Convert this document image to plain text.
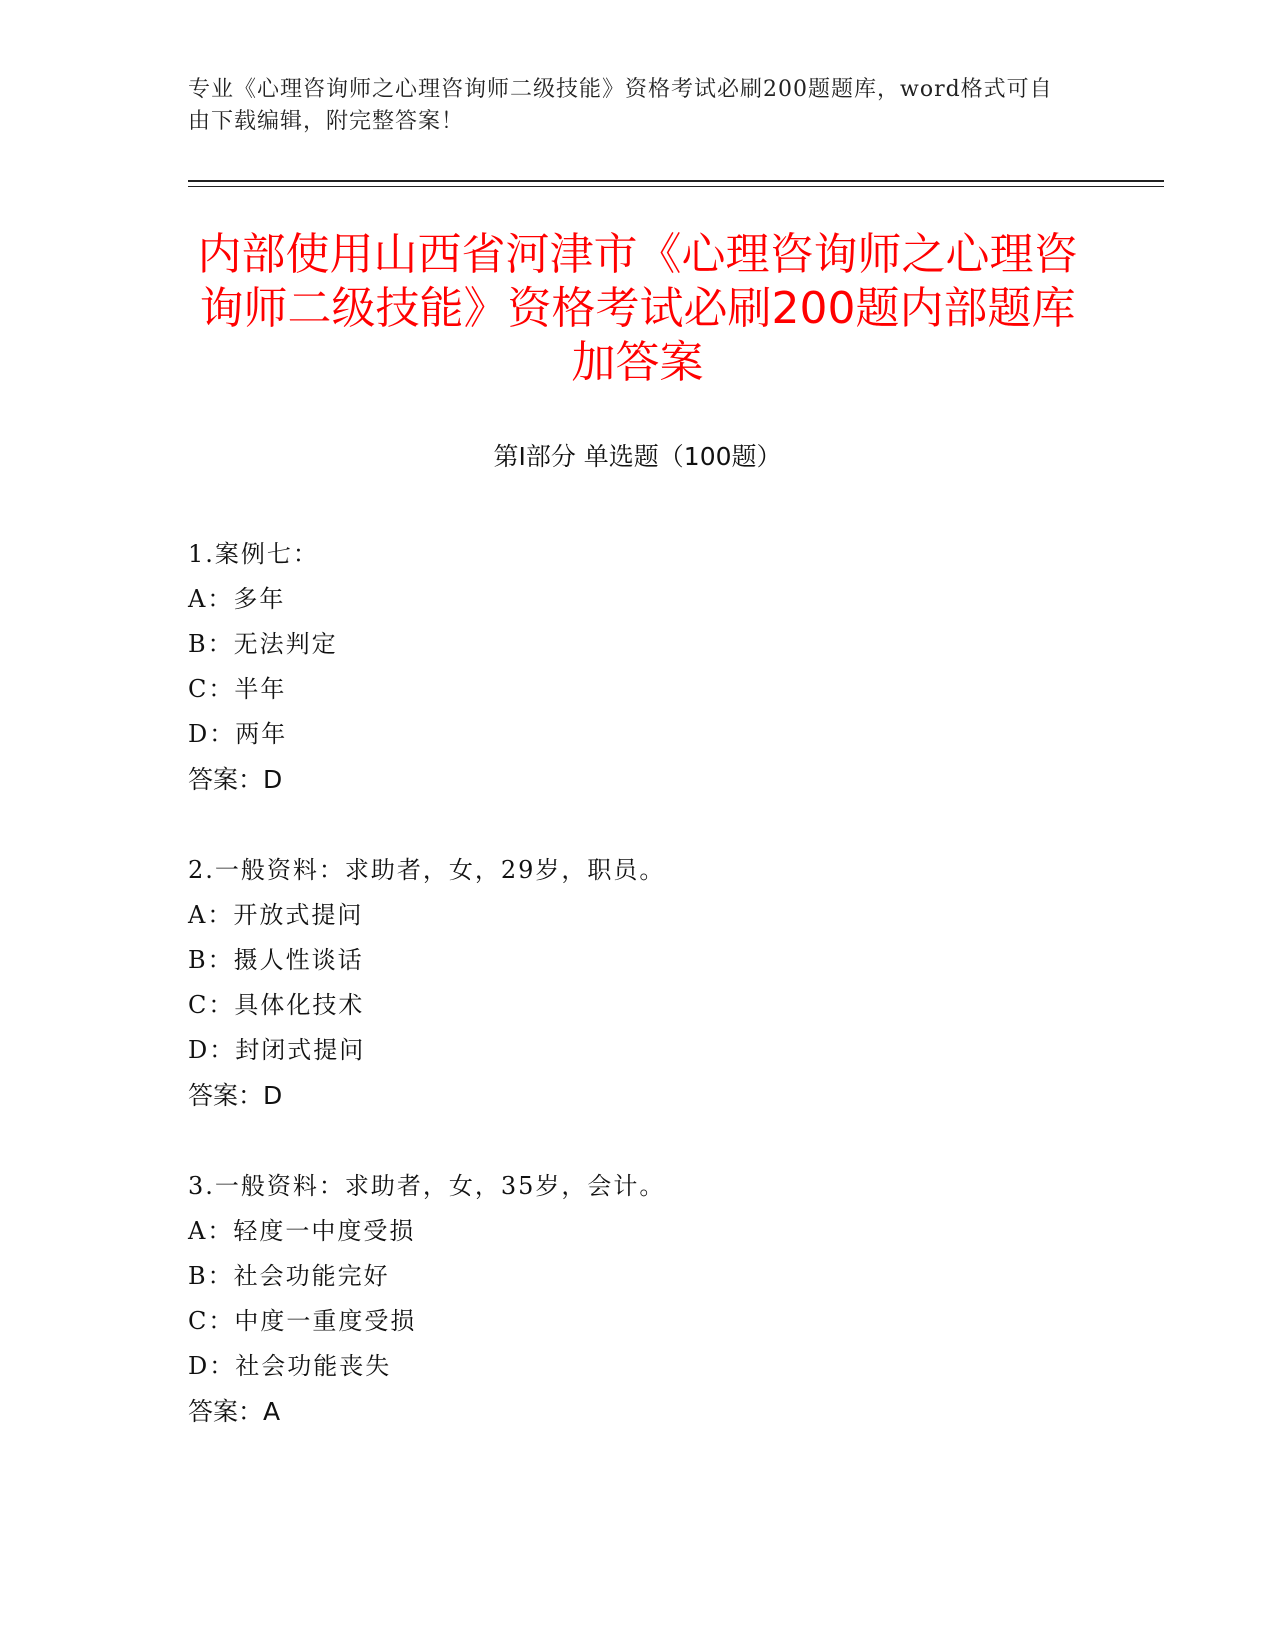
专业《心理咨询师之心理咨询师二级技能》资格考试必刷200题题库，word格式可自由下载编辑，附完整答案！
内部使用山西省河津市《心理咨询师之心理咨询师二级技能》资格考试必刷200题内部题库加答案
第I部分 单选题（100题）
1.案例七：
A：多年
B：无法判定
C：半年
D：两年
答案：D
2.一般资料：求助者，女，29岁，职员。
A：开放式提问
B：摄人性谈话
C：具体化技术
D：封闭式提问
答案：D
3.一般资料：求助者，女，35岁，会计。
A：轻度一中度受损
B：社会功能完好
C：中度一重度受损
D：社会功能丧失
答案：A
